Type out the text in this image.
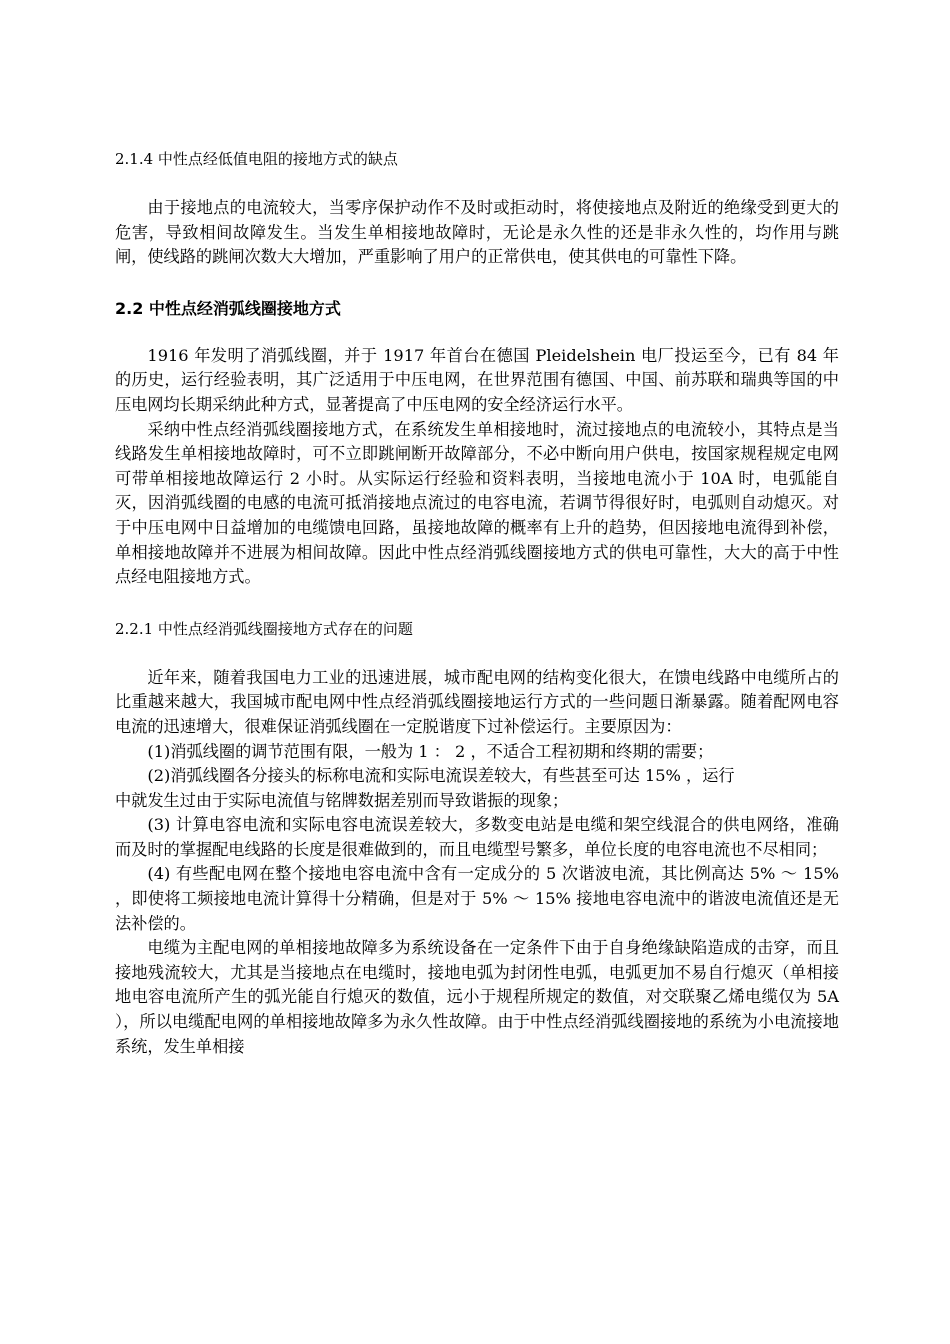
2.1.4 中性点经低值电阻的接地方式的缺点

由于接地点的电流较大，当零序保护动作不及时或拒动时，将使接地点及附近的绝缘受到更大的危害，导致相间故障发生。当发生单相接地故障时，无论是永久性的还是非永久性的，均作用与跳闸，使线路的跳闸次数大大增加，严重影响了用户的正常供电，使其供电的可靠性下降。

2.2 中性点经消弧线圈接地方式

1916 年发明了消弧线圈，并于 1917 年首台在德国 Pleidelshein 电厂投运至今，已有 84 年的历史，运行经验表明，其广泛适用于中压电网，在世界范围有德国、中国、前苏联和瑞典等国的中压电网均长期采纳此种方式，显著提高了中压电网的安全经济运行水平。

采纳中性点经消弧线圈接地方式，在系统发生单相接地时，流过接地点的电流较小，其特点是当线路发生单相接地故障时，可不立即跳闸断开故障部分，不必中断向用户供电，按国家规程规定电网可带单相接地故障运行 2 小时。从实际运行经验和资料表明，当接地电流小于 10A 时，电弧能自灭，因消弧线圈的电感的电流可抵消接地点流过的电容电流，若调节得很好时，电弧则自动熄灭。对于中压电网中日益增加的电缆馈电回路，虽接地故障的概率有上升的趋势，但因接地电流得到补偿，单相接地故障并不进展为相间故障。因此中性点经消弧线圈接地方式的供电可靠性，大大的高于中性点经电阻接地方式。

2.2.1 中性点经消弧线圈接地方式存在的问题

近年来，随着我国电力工业的迅速进展，城市配电网的结构变化很大，在馈电线路中电缆所占的比重越来越大，我国城市配电网中性点经消弧线圈接地运行方式的一些问题日渐暴露。随着配网电容电流的迅速增大，很难保证消弧线圈在一定脱谐度下过补偿运行。主要原因为：

(1)消弧线圈的调节范围有限，一般为 1 ： 2 ，不适合工程初期和终期的需要；

(2)消弧线圈各分接头的标称电流和实际电流误差较大，有些甚至可达 15% ，运行

中就发生过由于实际电流值与铭牌数据差别而导致谐振的现象；

(3) 计算电容电流和实际电容电流误差较大，多数变电站是电缆和架空线混合的供电网络，准确而及时的掌握配电线路的长度是很难做到的，而且电缆型号繁多，单位长度的电容电流也不尽相同；

(4) 有些配电网在整个接地电容电流中含有一定成分的 5 次谐波电流，其比例高达 5% ～ 15% ，即使将工频接地电流计算得十分精确，但是对于 5% ～ 15% 接地电容电流中的谐波电流值还是无法补偿的。

电缆为主配电网的单相接地故障多为系统设备在一定条件下由于自身绝缘缺陷造成的击穿，而且接地残流较大，尤其是当接地点在电缆时，接地电弧为封闭性电弧，电弧更加不易自行熄灭（单相接地电容电流所产生的弧光能自行熄灭的数值，远小于规程所规定的数值，对交联聚乙烯电缆仅为 5A ），所以电缆配电网的单相接地故障多为永久性故障。由于中性点经消弧线圈接地的系统为小电流接地系统，发生单相接
